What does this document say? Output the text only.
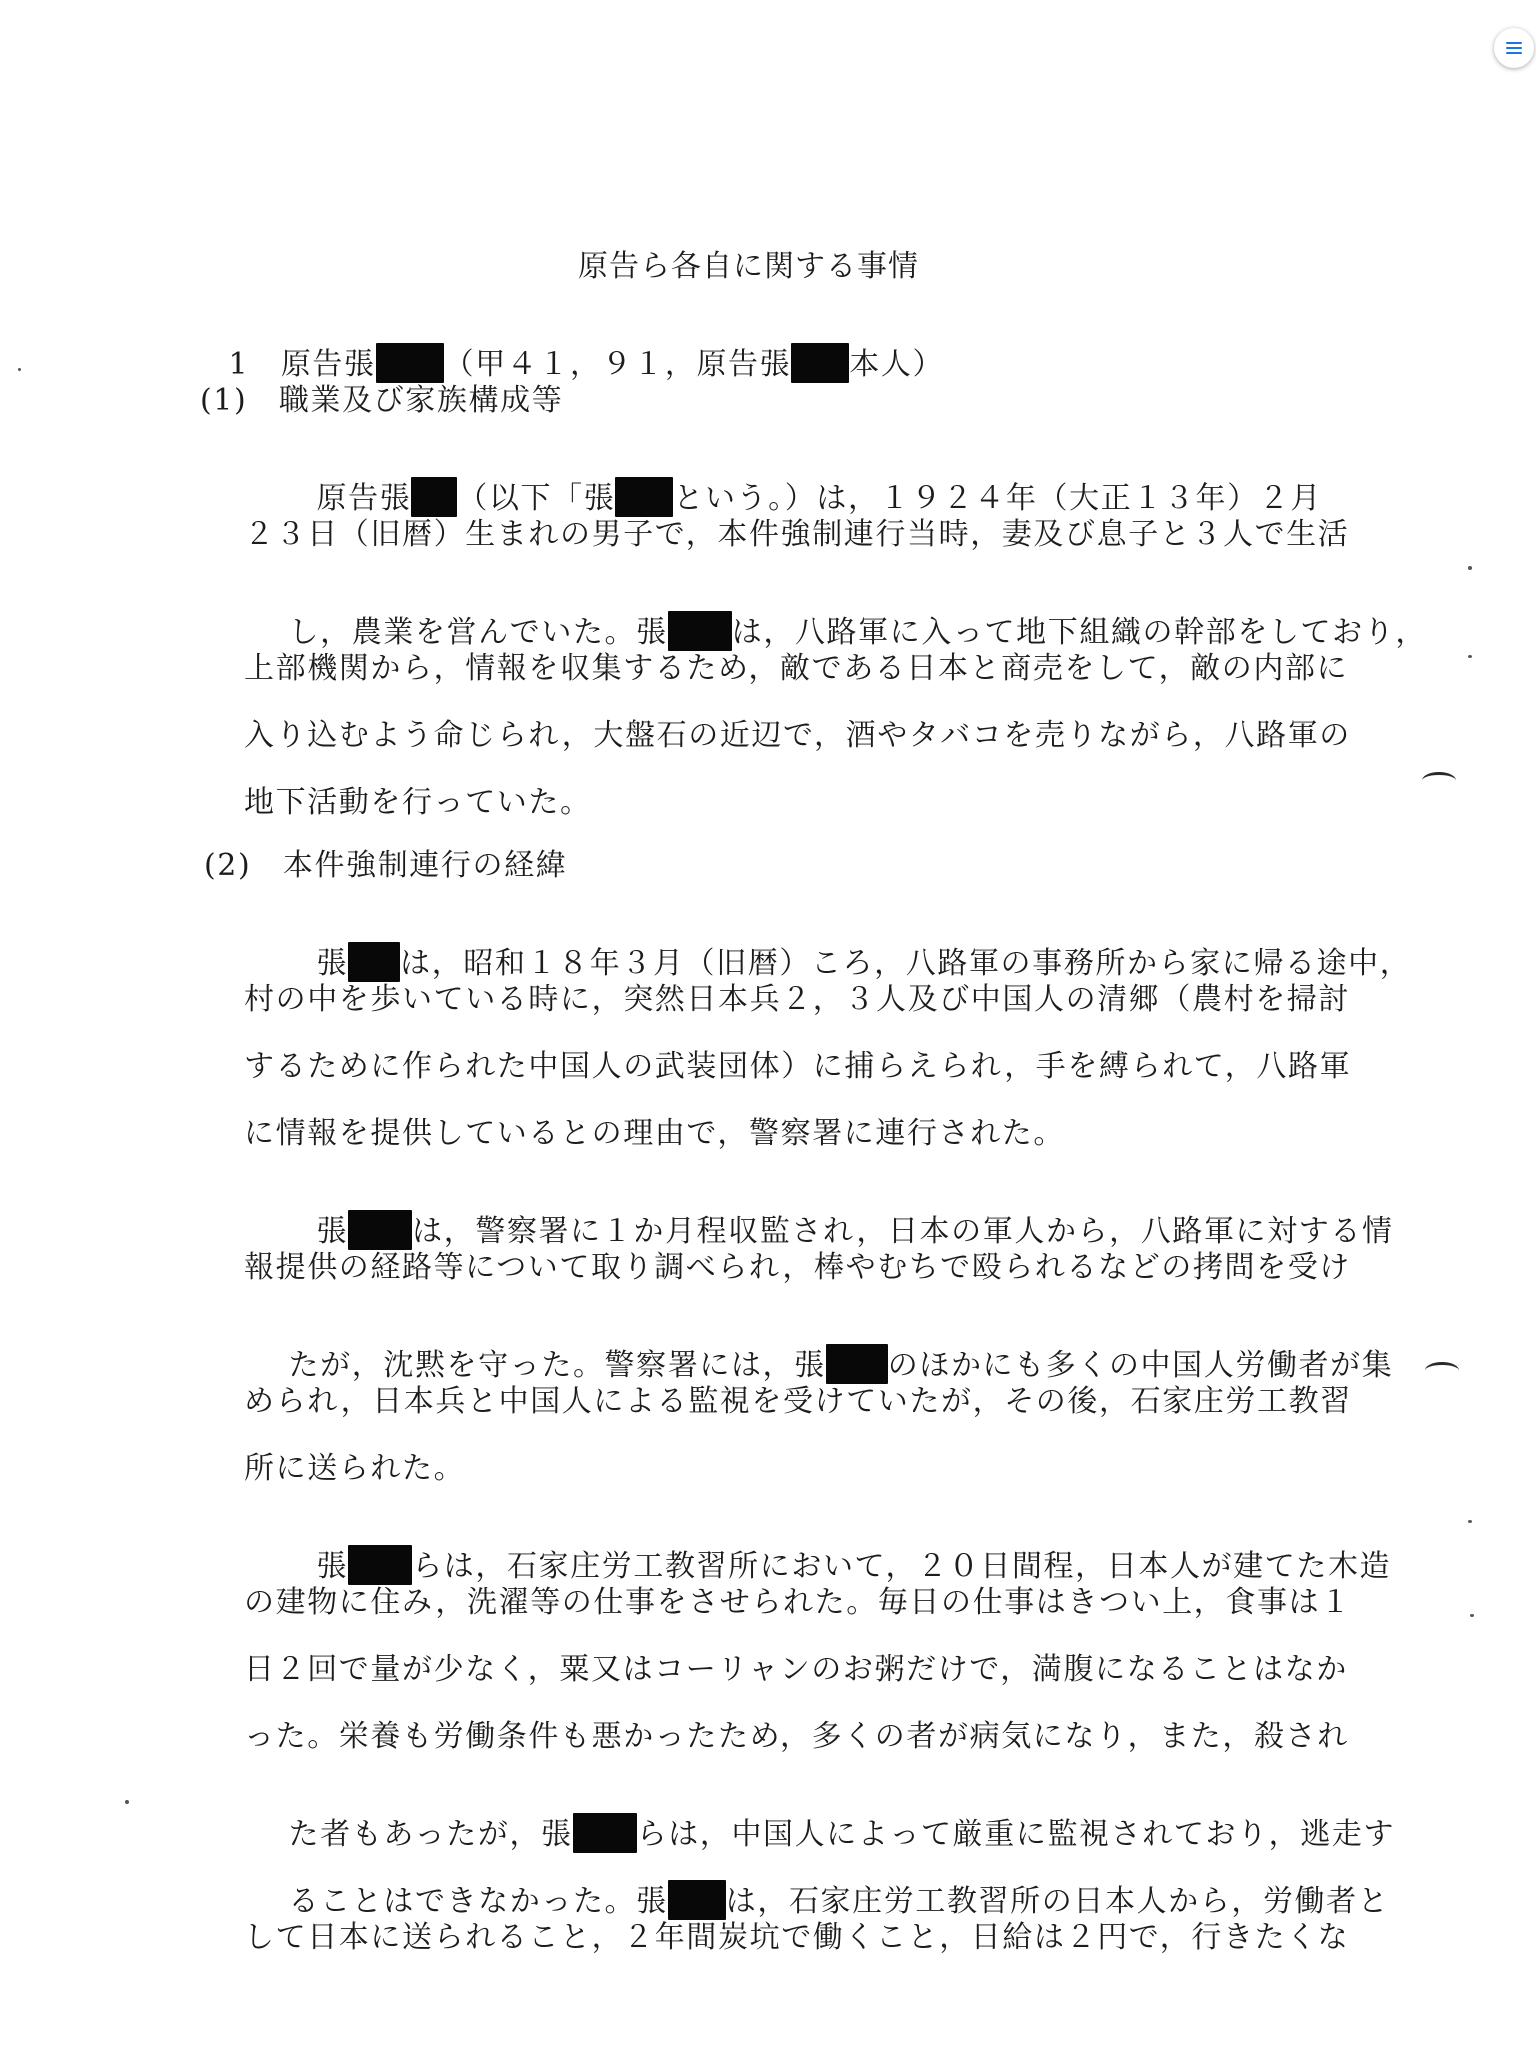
原告ら各自に関する事情

1　原告張 （甲４１，９１，原告張 本人）

(1)　職業及び家族構成等

原告張 （以下「張 という。）は，１９２４年（大正１３年）２月

２３日（旧暦）生まれの男子で，本件強制連行当時，妻及び息子と３人で生活

し，農業を営んでいた。張 は，八路軍に入って地下組織の幹部をしており，

上部機関から，情報を収集するため，敵である日本と商売をして，敵の内部に
入り込むよう命じられ，大盤石の近辺で，酒やタバコを売りながら，八路軍の
地下活動を行っていた。
(2)　本件強制連行の経緯

張 は，昭和１８年３月（旧暦）ころ，八路軍の事務所から家に帰る途中，

村の中を歩いている時に，突然日本兵２，３人及び中国人の清郷（農村を掃討
するために作られた中国人の武装団体）に捕らえられ，手を縛られて，八路軍
に情報を提供しているとの理由で，警察署に連行された。

張 は，警察署に１か月程収監され，日本の軍人から，八路軍に対する情

報提供の経路等について取り調べられ，棒やむちで殴られるなどの拷問を受け

たが，沈黙を守った。警察署には，張 のほかにも多くの中国人労働者が集

められ，日本兵と中国人による監視を受けていたが，その後，石家庄労工教習
所に送られた。

張 らは，石家庄労工教習所において，２０日間程，日本人が建てた木造

の建物に住み，洗濯等の仕事をさせられた。毎日の仕事はきつい上，食事は１
日２回で量が少なく，粟又はコーリャンのお粥だけで，満腹になることはなか
った。栄養も労働条件も悪かったため，多くの者が病気になり，また，殺され

た者もあったが，張 らは，中国人によって厳重に監視されており，逃走す

ることはできなかった。張 は，石家庄労工教習所の日本人から，労働者と

して日本に送られること，２年間炭坑で働くこと，日給は２円で，行きたくな
